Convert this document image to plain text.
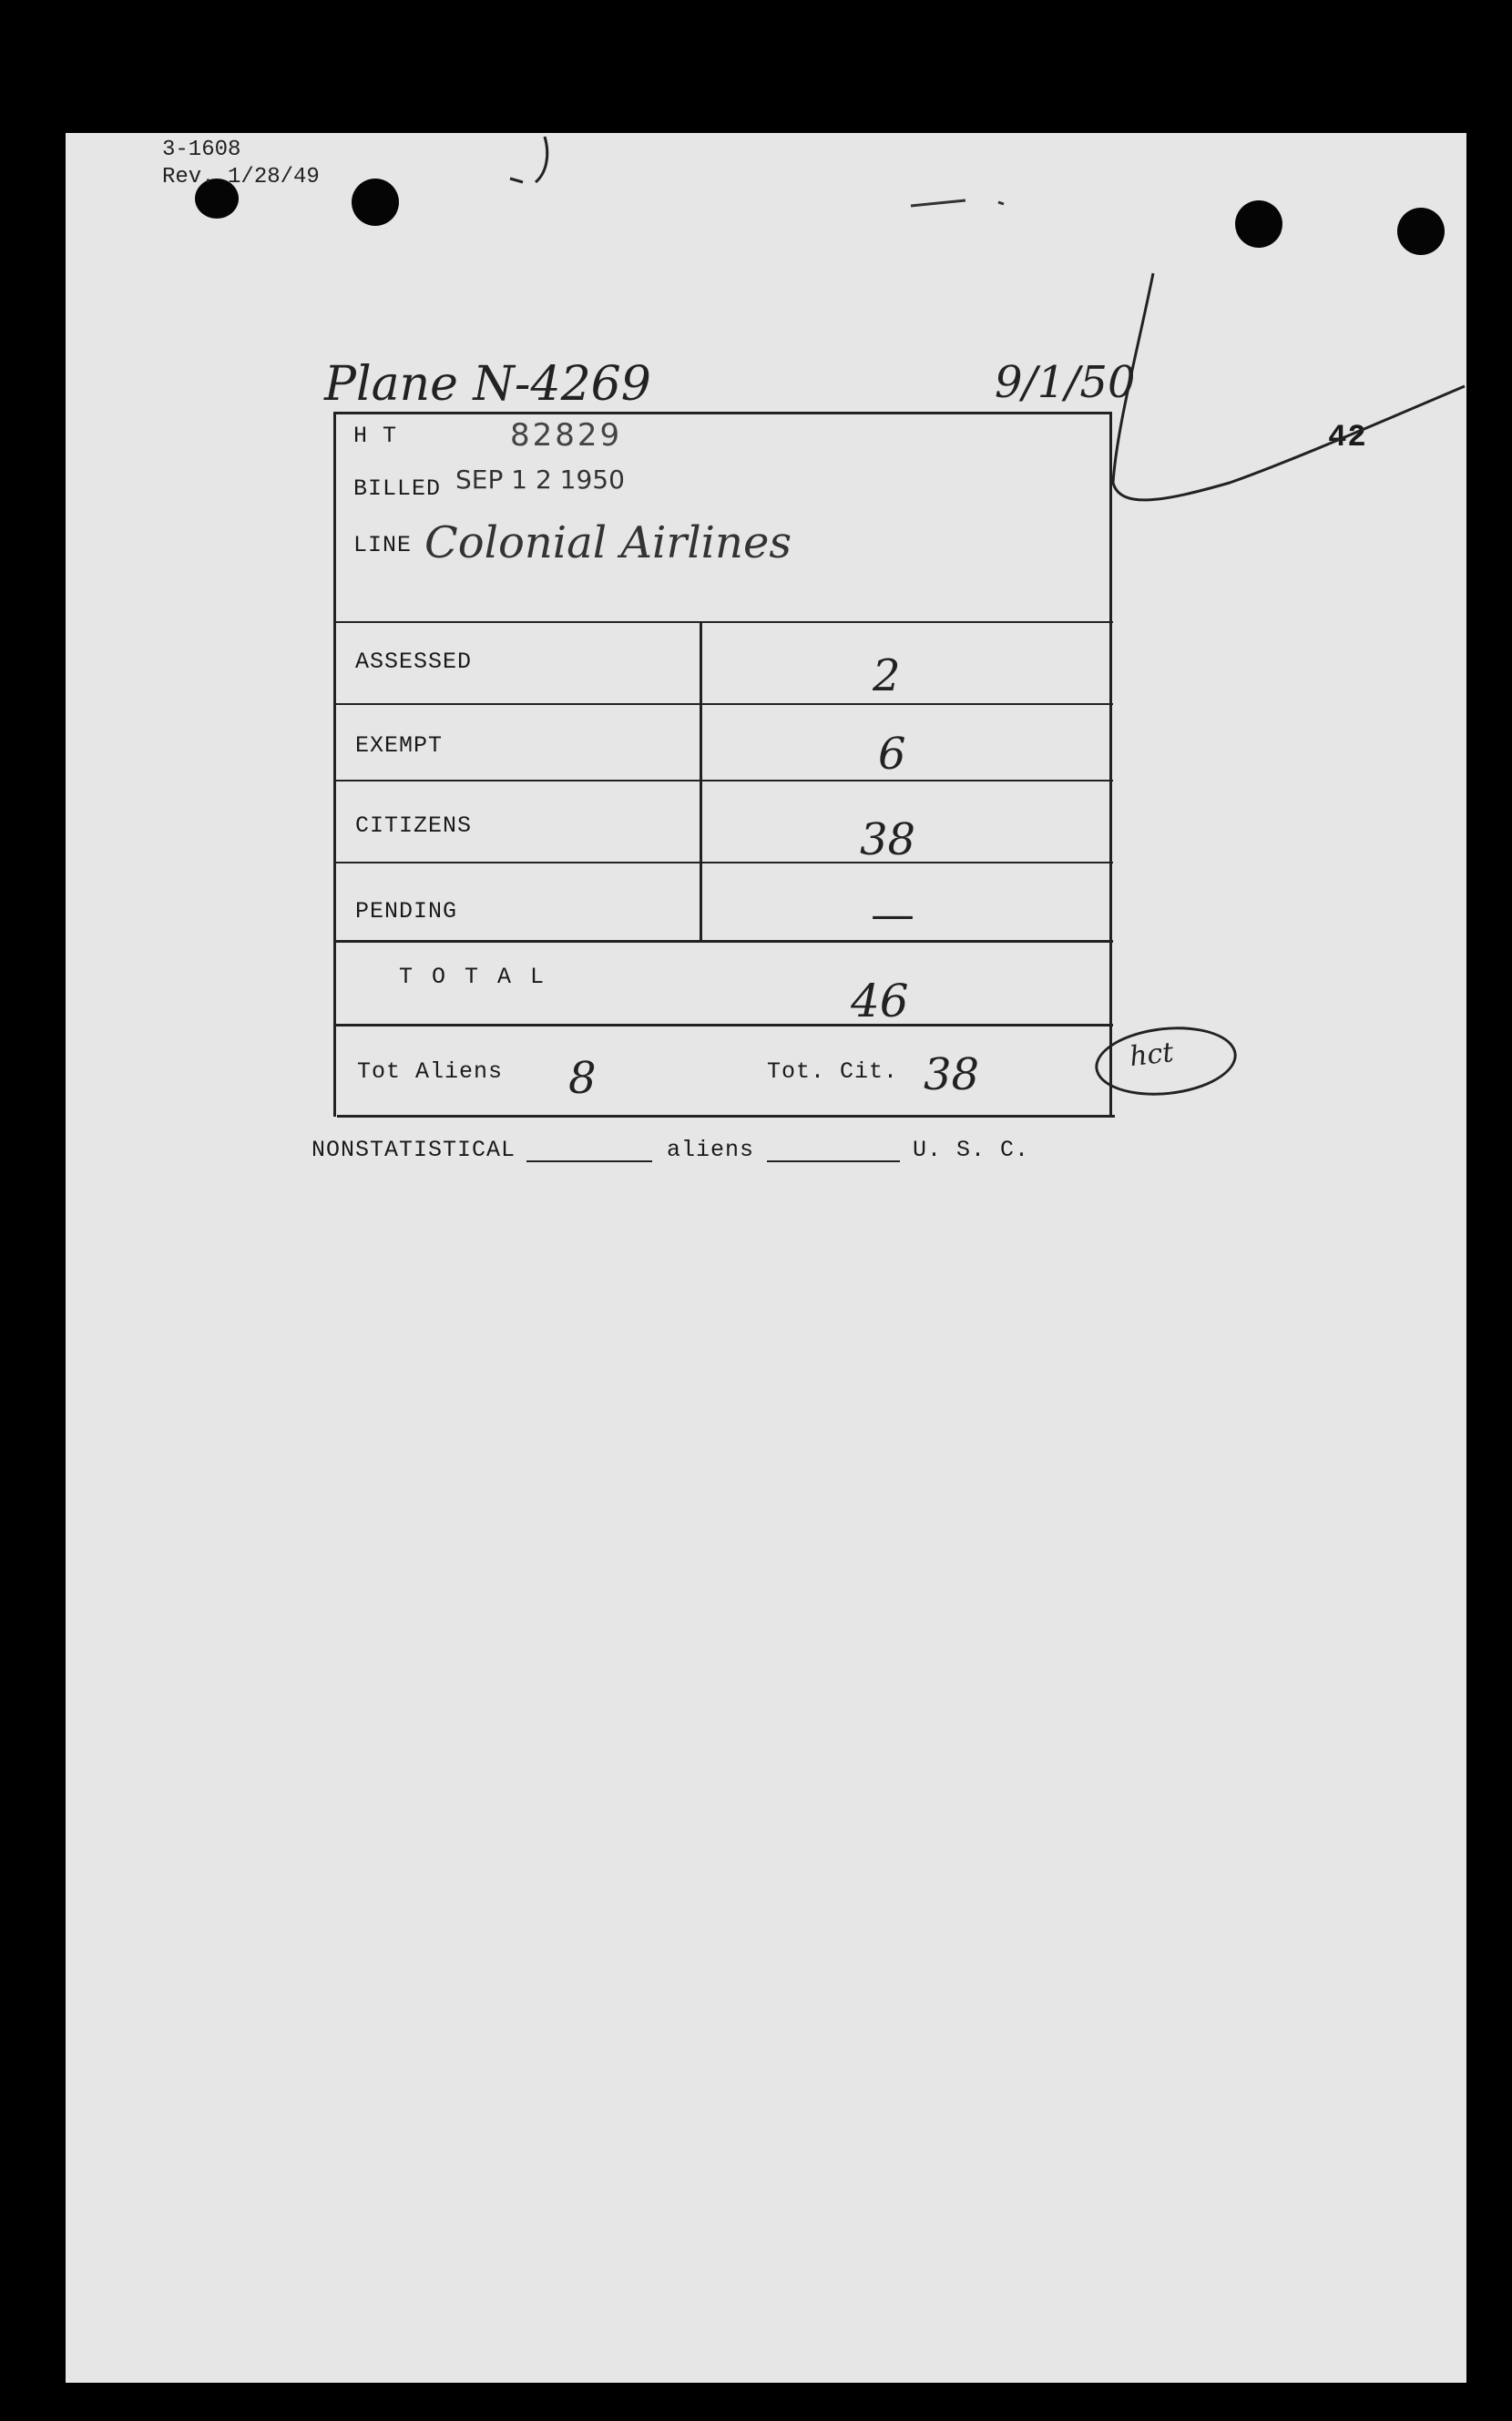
3-1608
Rev. 1/28/49
Plane N-4269	9/1/50
42
H T	82829
BILLED SEP 1 2 1950
LINE Colonial Airlines
ASSESSED	2
EXEMPT	6
CITIZENS	38
PENDING	—
T O T A L	46
Tot Aliens 8	Tot. Cit. 38	hct
NONSTATISTICAL	aliens	U. S. C.
